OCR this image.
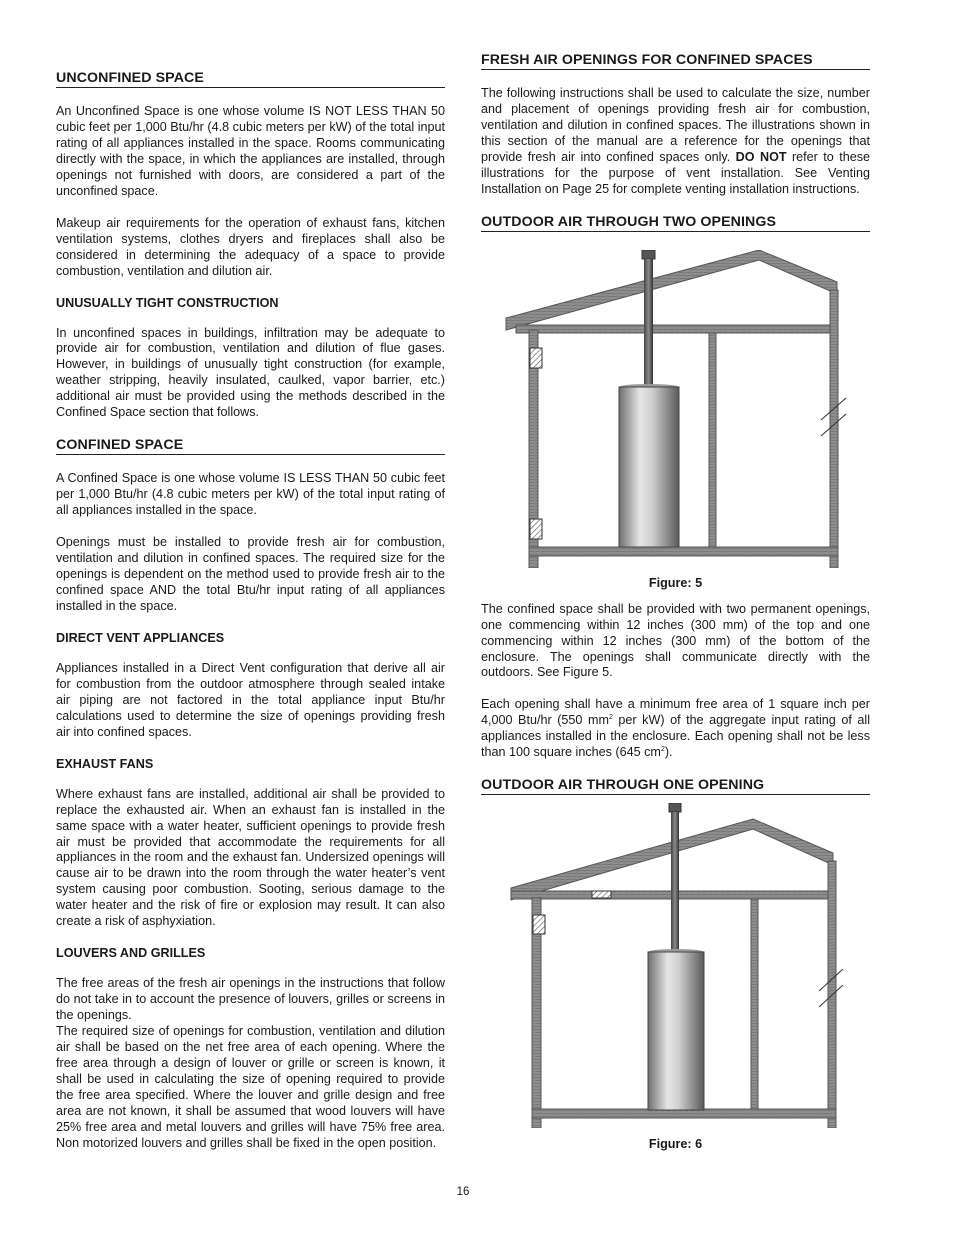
UNCONFINED SPACE

An Unconfined Space is one whose volume IS NOT LESS THAN 50 cubic feet per 1,000 Btu/hr (4.8 cubic meters per kW) of the total input rating of all appliances installed in the space. Rooms communicating directly with the space, in which the appliances are installed, through openings not furnished with doors, are considered a part of the unconfined space.

Makeup air requirements for the operation of exhaust fans, kitchen ventilation systems, clothes dryers and fireplaces shall also be considered in determining the adequacy of a space to provide combustion, ventilation and dilution air.

UNUSUALLY TIGHT CONSTRUCTION

In unconfined spaces in buildings, infiltration may be adequate to provide air for combustion, ventilation and dilution of flue gases. However, in buildings of unusually tight construction (for example, weather stripping, heavily insulated, caulked, vapor barrier, etc.) additional air must be provided using the methods described in the Confined Space section that follows.

CONFINED SPACE

A Confined Space is one whose volume IS LESS THAN 50 cubic feet per 1,000 Btu/hr (4.8 cubic meters per kW) of the total input rating of all appliances installed in the space.

Openings must be installed to provide fresh air for combustion, ventilation and dilution in confined spaces. The required size for the openings is dependent on the method used to provide fresh air to the confined space AND the total Btu/hr input rating of all appliances installed in the space.

DIRECT VENT APPLIANCES

Appliances installed in a Direct Vent configuration that derive all air for combustion from the outdoor atmosphere through sealed intake air piping are not factored in the total appliance input Btu/hr calculations used to determine the size of openings providing fresh air into confined spaces.

EXHAUST FANS

Where exhaust fans are installed, additional air shall be provided to replace the exhausted air. When an exhaust fan is installed in the same space with a water heater, sufficient openings to provide fresh air must be provided that accommodate the requirements for all appliances in the room and the exhaust fan. Undersized openings will cause air to be drawn into the room through the water heater’s vent system causing poor combustion. Sooting, serious damage to the water heater and the risk of fire or explosion may result. It can also create a risk of asphyxiation.

LOUVERS AND GRILLES

The free areas of the fresh air openings in the instructions that follow do not take in to account the presence of louvers, grilles or screens in the openings.

The required size of openings for combustion, ventilation and dilution air shall be based on the net free area of each opening. Where the free area through a design of louver or grille or screen is known, it shall be used in calculating the size of opening required to provide the free area specified. Where the louver and grille design and free area are not known, it shall be assumed that wood louvers will have 25% free area and metal louvers and grilles will have 75% free area. Non motorized louvers and grilles shall be fixed in the open position.

FRESH AIR OPENINGS FOR CONFINED SPACES

The following instructions shall be used to calculate the size, number and placement of openings providing fresh air for combustion, ventilation and dilution in confined spaces. The illustrations shown in this section of the manual are a reference for the openings that provide fresh air into confined spaces only. DO NOT refer to these illustrations for the purpose of vent installation. See Venting Installation on Page 25 for complete venting installation instructions.

OUTDOOR AIR THROUGH TWO OPENINGS
Figure: 5

The confined space shall be provided with two permanent openings, one commencing within 12 inches (300 mm) of the top and one commencing within 12 inches (300 mm) of the bottom of the enclosure. The openings shall communicate directly with the outdoors. See Figure 5.

Each opening shall have a minimum free area of 1 square inch per 4,000 Btu/hr (550 $mm^2$ per kW) of the aggregate input rating of all appliances installed in the enclosure. Each opening shall not be less than 100 square inches (645 $cm^2$).

OUTDOOR AIR THROUGH ONE OPENING
Figure: 6
16
